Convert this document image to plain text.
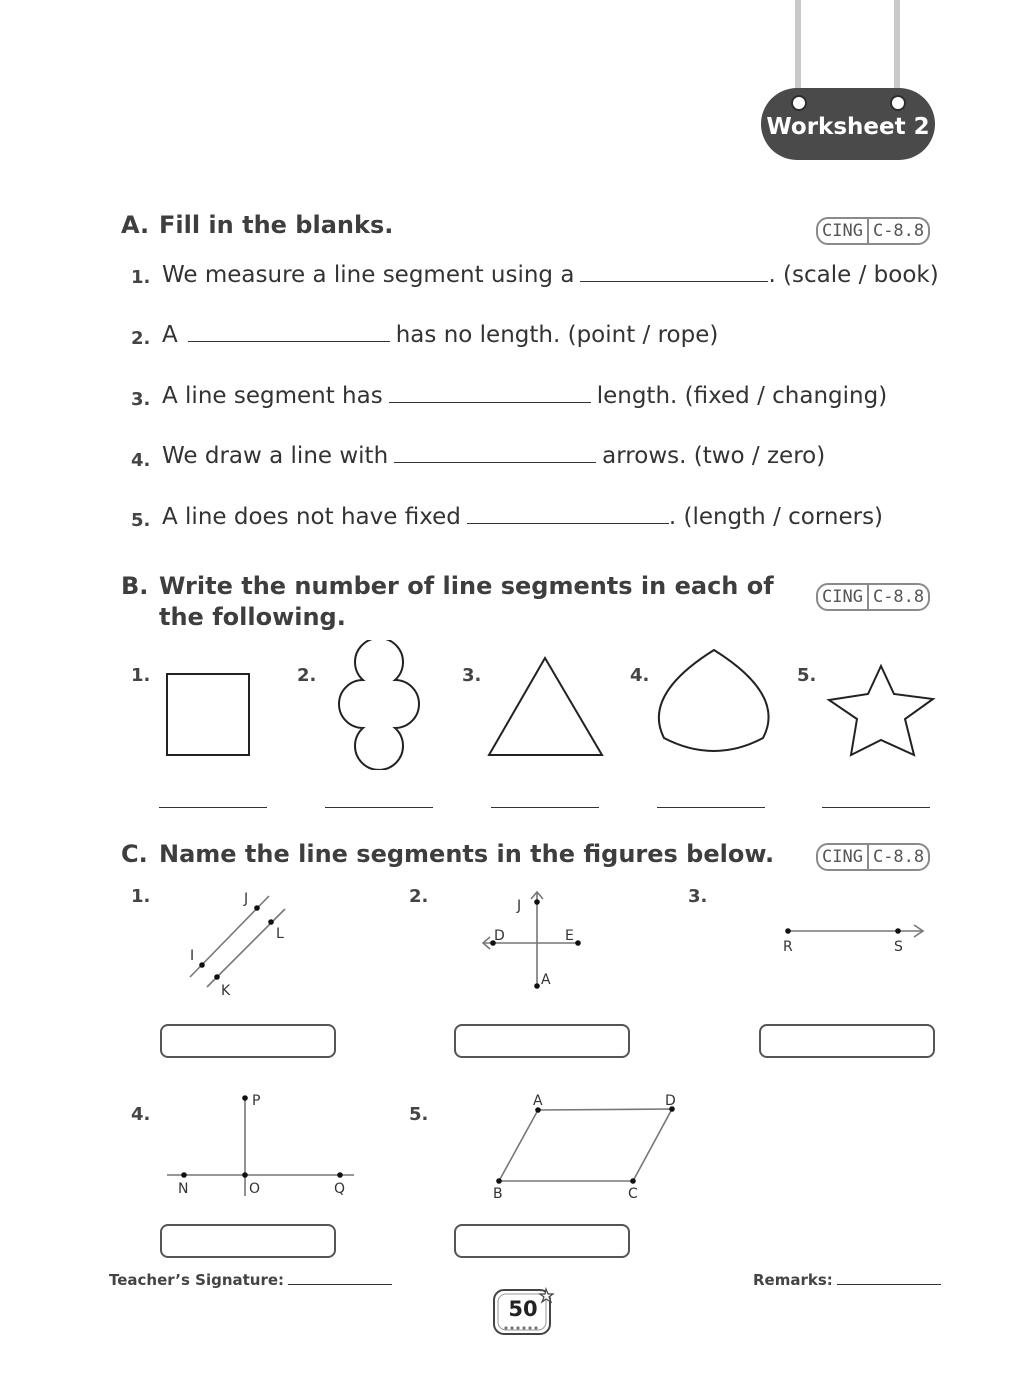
Worksheet 2
A. Fill in the blanks.	CING C-8.8
1. We measure a line segment using a	. (scale / book)
2. A	has no length. (point / rope)
3. A line segment has	length. (fixed / changing)
4. We draw a line with	arrows. (two / zero)
5. A line does not have fixed	. (length / corners)
B. Write the number of line segments in each of
the following.
CING C-8.8
1.	2.	3.	4.	5.
C. Name the line segments in the figures below.	CING C-8.8
1.	2.	3.
4.	5.
J
L
I
K
J
D	E
A
R	S
P
N	O	Q
A	D
B	C
Teacher’s Signature:	Remarks:
50
